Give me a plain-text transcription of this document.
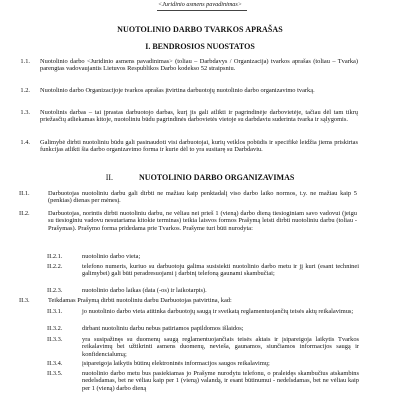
<Juridinio asmens pavadinimas>
NUOTOLINIO DARBO TVARKOS APRAŠAS
I. BENDROSIOS NUOSTATOS
1.1. Nuotolinio darbo <Juridinio asmens pavadinimas> (toliau – Darbdavys / Organizacija) tvarkos aprašas (toliau – Tvarka) parengtas vadovaujantis Lietuvos Respublikos Darbo kodekso 52 straipsniu.
1.2. Nuotolinio darbo Organizacijoje tvarkos aprašas įtvirtina darbuotojų nuotolinio darbo organizavimo tvarką.
1.3. Nuotolinis darbas – tai įprastas darbuotojo darbas, kurį jis gali atlikti ir pagrindinėje darbovietėje, tačiau dėl tam tikrų priežasčių atliekamas kitoje, nuotoliniu būdu pagrindinės darbovietės vietoje su darbdaviu suderinta tvarka ir sąlygomis.
1.4. Galimybė dirbti nuotoliniu būdu gali pasinaudoti visi darbuotojai, kurių veiklos pobūdis ir specifikė leidžia jiems priskirtas funkcijas atlikti šia darbo organizavimo forma ir kurie dėl to yra susitarę su Darbdaviu.
II.	NUOTOLINIO DARBO ORGANIZAVIMAS
II.1.	Darbuotojas nuotoliniu darbu gali dirbti ne mažiau kaip penktadalį viso darbo laiko normos, t.y. ne mažiau kaip 5 (penkias) dienas per mėnesį.
II.2.	Darbuotojas, norintis dirbti nuotoliniu darbu, ne vėliau nei prieš 1 (vieną) darbo dieną tiesioginiam savo vadovui (jeigu su tiesioginiu vadovu nesutariama kitokie terminas) teikia laisvos formos Prašymą leisti dirbti nuotoliniu darbu (toliau - Prašymas). Prašymo forma pridedama prie Tvarkos. Prašyme turi būti nurodyta:
II.2.1.	nuotolinio darbo vieta;
II.2.2.	telefono numeris, kuriuo su darbuotoju galima susisiekti nuotolinio darbo metu ir jį kuri (esant techninei galimybei) gali būti peradresuojami į darbinį telefoną gaunami skambučiai;
II.2.3.	nuotolinio darbo laikas (data (-os) ir laikotarpis).
II.3.	Teikdamas Prašymą dirbti nuotoliniu darbu Darbuotojas patvirtina, kad:
II.3.1.	jo nuotolinio darbo vieta atitinka darbuotojų saugą ir sveikatą reglamentuojančių teisės aktų reikalavimus;
II.3.2.	dirbant nuotoliniu darbu nebus patiriamos papildomos išlaidos;
II.3.3.	yra susipažinęs su duomenų saugą reglamentuojančiais teisės aktais ir įsipareigoja laikytis Tvarkos reikalavimų bei užtikrinti asmens duomenų, nevieša, gaunamos, siunčiamos informacijos saugą ir konfidencialumą;
II.3.4.	įsipareigoja laikytis būtinų elektroninės informacijos saugos reikalavimų;
II.3.5.	nuotolinio darbo metu bus pasiekiamas jo Prašyme nurodytu telefonu, o praleidęs skambučius atskambins nedelsdamas, bet ne vėliau kaip per 1 (vieną) valandą, ir esant būtinumui - nedelsdamas, bet ne vėliau kaip per 1 (vieną) darbo dieną
